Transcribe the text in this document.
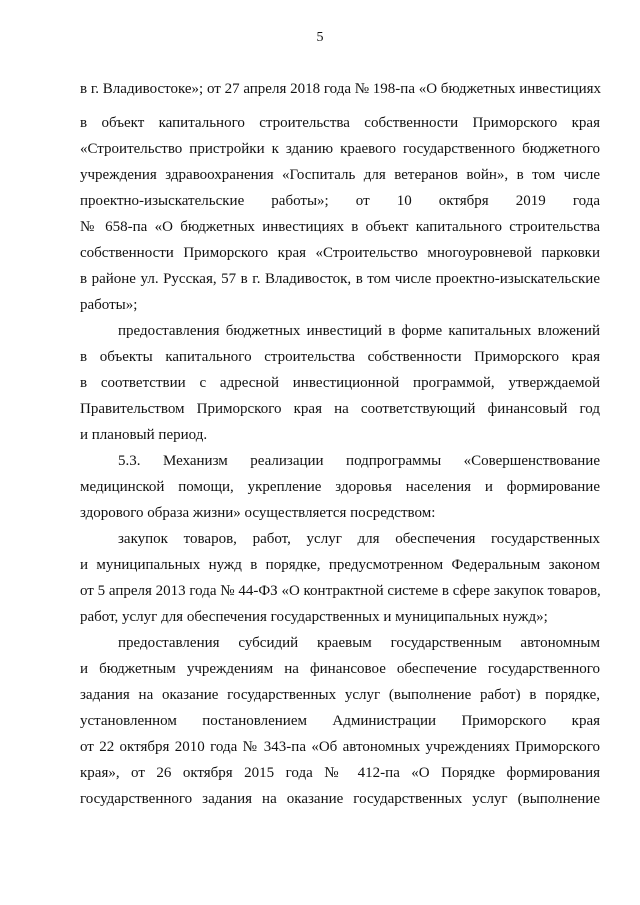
5
в г. Владивостоке»; от 27 апреля 2018 года № 198-па «О бюджетных инвестициях
в объект капитального строительства собственности Приморского края
«Строительство пристройки к зданию краевого государственного бюджетного
учреждения здравоохранения «Госпиталь для ветеранов войн», в том числе
проектно-изыскательские работы»; от 10 октября 2019 года
№ 658-па «О бюджетных инвестициях в объект капитального строительства
собственности Приморского края «Строительство многоуровневой парковки
в районе ул. Русская, 57 в г. Владивосток, в том числе проектно-изыскательские
работы»;
предоставления бюджетных инвестиций в форме капитальных вложений
в объекты капитального строительства собственности Приморского края
в соответствии с адресной инвестиционной программой, утверждаемой
Правительством Приморского края на соответствующий финансовый год
и плановый период.
5.3. Механизм реализации подпрограммы «Совершенствование
медицинской помощи, укрепление здоровья населения и формирование
здорового образа жизни» осуществляется посредством:
закупок товаров, работ, услуг для обеспечения государственных
и муниципальных нужд в порядке, предусмотренном Федеральным законом
от 5 апреля 2013 года № 44-ФЗ «О контрактной системе в сфере закупок товаров,
работ, услуг для обеспечения государственных и муниципальных нужд»;
предоставления субсидий краевым государственным автономным
и бюджетным учреждениям на финансовое обеспечение государственного
задания на оказание государственных услуг (выполнение работ) в порядке,
установленном постановлением Администрации Приморского края
от 22 октября 2010 года № 343-па «Об автономных учреждениях Приморского
края», от 26 октября 2015 года № 412-па «О Порядке формирования
государственного задания на оказание государственных услуг (выполнение
